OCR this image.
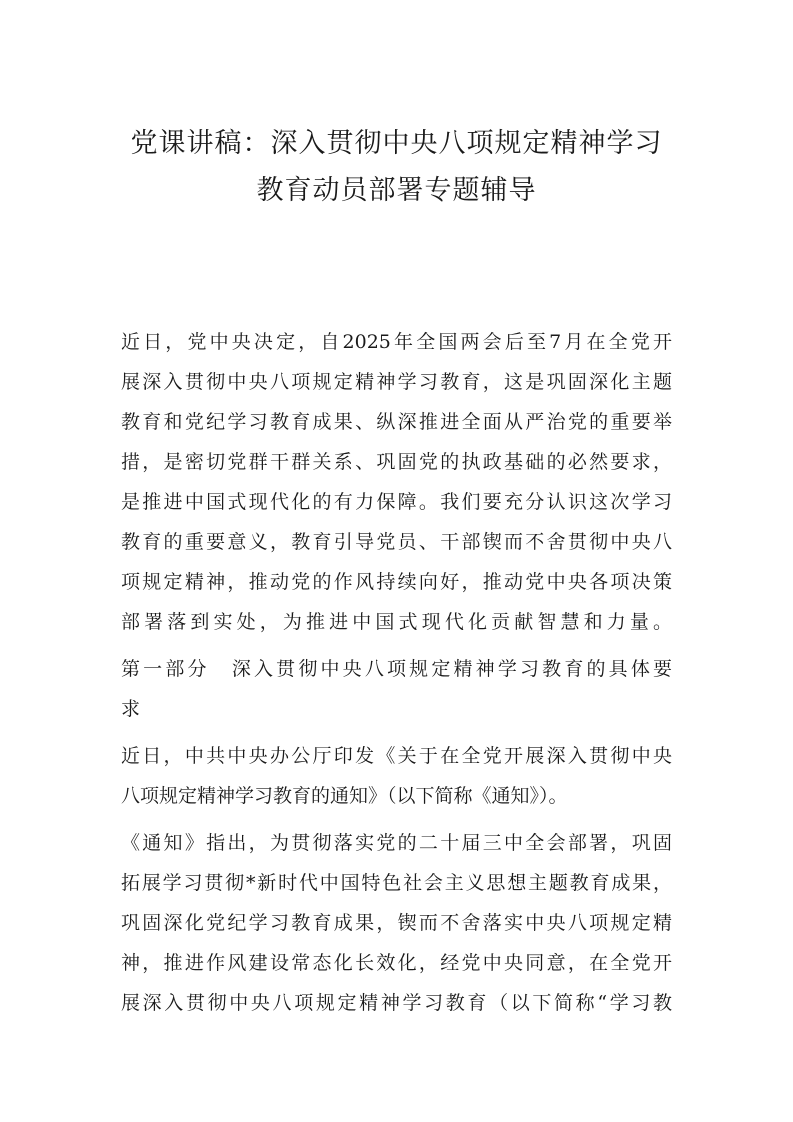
党课讲稿：深入贯彻中央八项规定精神学习
教育动员部署专题辅导
近日，党中央决定，自2025年全国两会后至7月在全党开
展深入贯彻中央八项规定精神学习教育，这是巩固深化主题
教育和党纪学习教育成果、纵深推进全面从严治党的重要举
措，是密切党群干群关系、巩固党的执政基础的必然要求，
是推进中国式现代化的有力保障。我们要充分认识这次学习
教育的重要意义，教育引导党员、干部锲而不舍贯彻中央八
项规定精神，推动党的作风持续向好，推动党中央各项决策
部署落到实处，为推进中国式现代化贡献智慧和力量。
第一部分　深入贯彻中央八项规定精神学习教育的具体要
求
近日，中共中央办公厅印发《关于在全党开展深入贯彻中央
八项规定精神学习教育的通知》（以下简称《通知》）。
《通知》指出，为贯彻落实党的二十届三中全会部署，巩固
拓展学习贯彻*新时代中国特色社会主义思想主题教育成果，
巩固深化党纪学习教育成果，锲而不舍落实中央八项规定精
神，推进作风建设常态化长效化，经党中央同意，在全党开
展深入贯彻中央八项规定精神学习教育（以下简称“学习教
